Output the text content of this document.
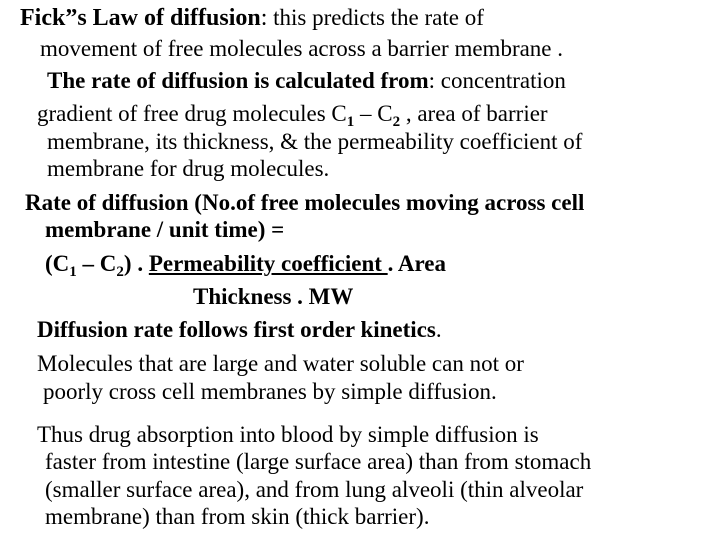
Fick”s Law of diffusion: this predicts the rate of
movement of free molecules across a barrier membrane .
The rate of diffusion is calculated from: concentration
gradient of free drug molecules $C_1 - C_2$ , area of barrier
membrane, its thickness, & the permeability coefficient of
membrane for drug molecules.
Rate of diffusion (No.of free molecules moving across cell
membrane / unit time) =
$(C_1 - C_2)$ . Permeability coefficient . Area
Thickness . MW
Diffusion rate follows first order kinetics.
Molecules that are large and water soluble can not or
poorly cross cell membranes by simple diffusion.
Thus drug absorption into blood by simple diffusion is
faster from intestine (large surface area) than from stomach
(smaller surface area), and from lung alveoli (thin alveolar
membrane) than from skin (thick barrier).
